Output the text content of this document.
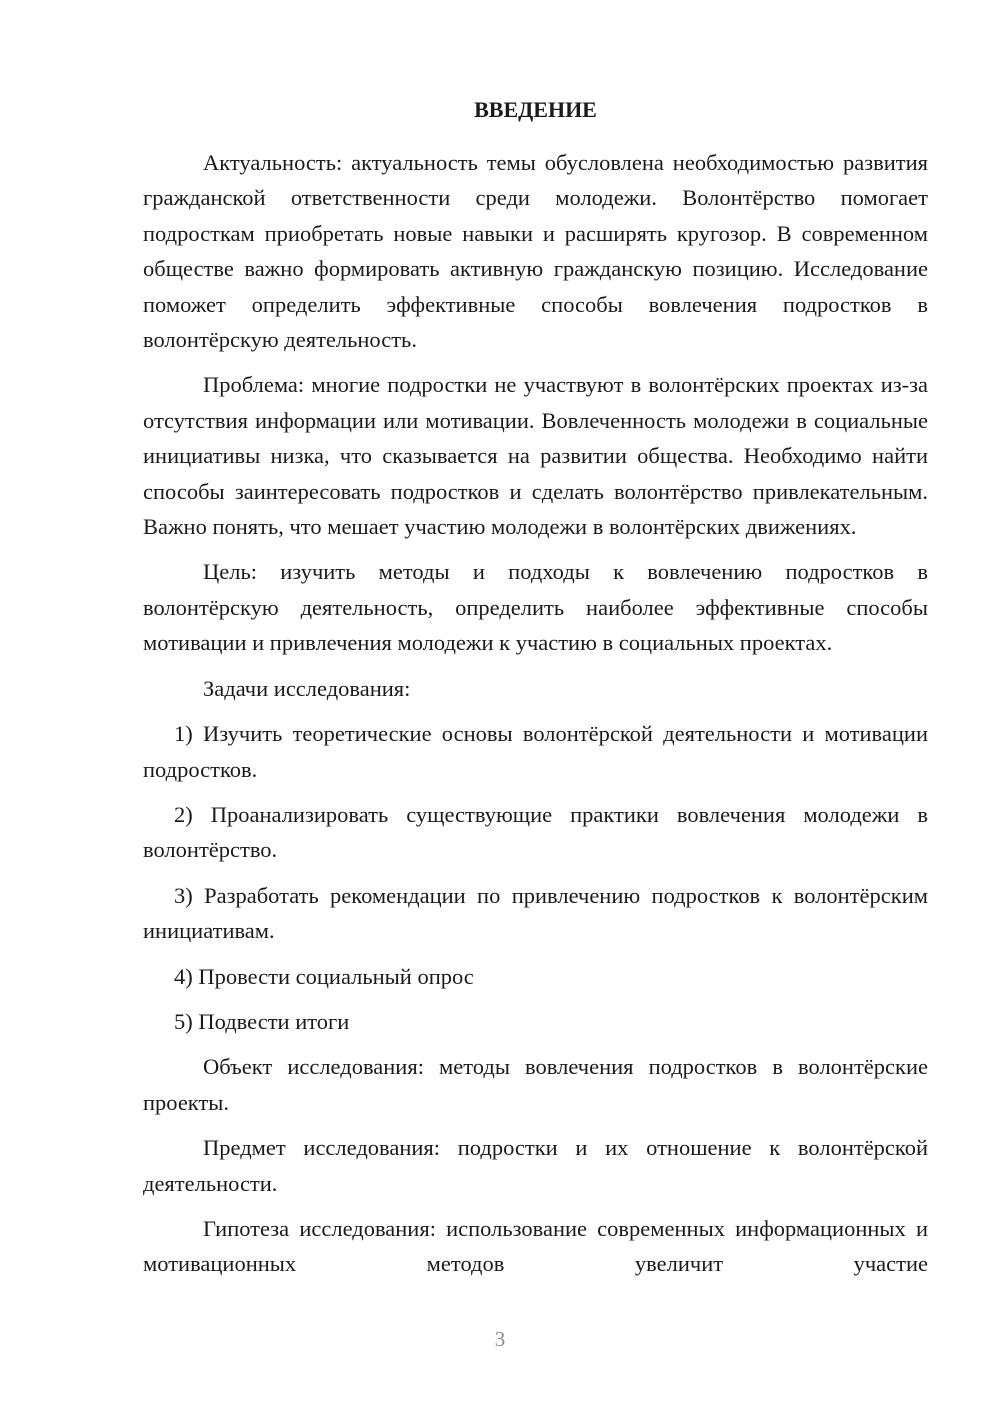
ВВЕДЕНИЕ

Актуальность: актуальность темы обусловлена необходимостью развития гражданской ответственности среди молодежи. Волонтёрство помогает подросткам приобретать новые навыки и расширять кругозор. В современном обществе важно формировать активную гражданскую позицию. Исследование поможет определить эффективные способы вовлечения подростков в волонтёрскую деятельность.

Проблема: многие подростки не участвуют в волонтёрских проектах из-за отсутствия информации или мотивации. Вовлеченность молодежи в социальные инициативы низка, что сказывается на развитии общества. Необходимо найти способы заинтересовать подростков и сделать волонтёрство привлекательным. Важно понять, что мешает участию молодежи в волонтёрских движениях.

Цель: изучить методы и подходы к вовлечению подростков в волонтёрскую деятельность, определить наиболее эффективные способы мотивации и привлечения молодежи к участию в социальных проектах.

Задачи исследования:

1) Изучить теоретические основы волонтёрской деятельности и мотивации подростков.

2) Проанализировать существующие практики вовлечения молодежи в волонтёрство.

3) Разработать рекомендации по привлечению подростков к волонтёрским инициативам.

4) Провести социальный опрос

5) Подвести итоги

Объект исследования: методы вовлечения подростков в волонтёрские проекты.

Предмет исследования: подростки и их отношение к волонтёрской деятельности.

Гипотеза исследования: использование современных информационных и мотивационных методов увеличит участие

3
